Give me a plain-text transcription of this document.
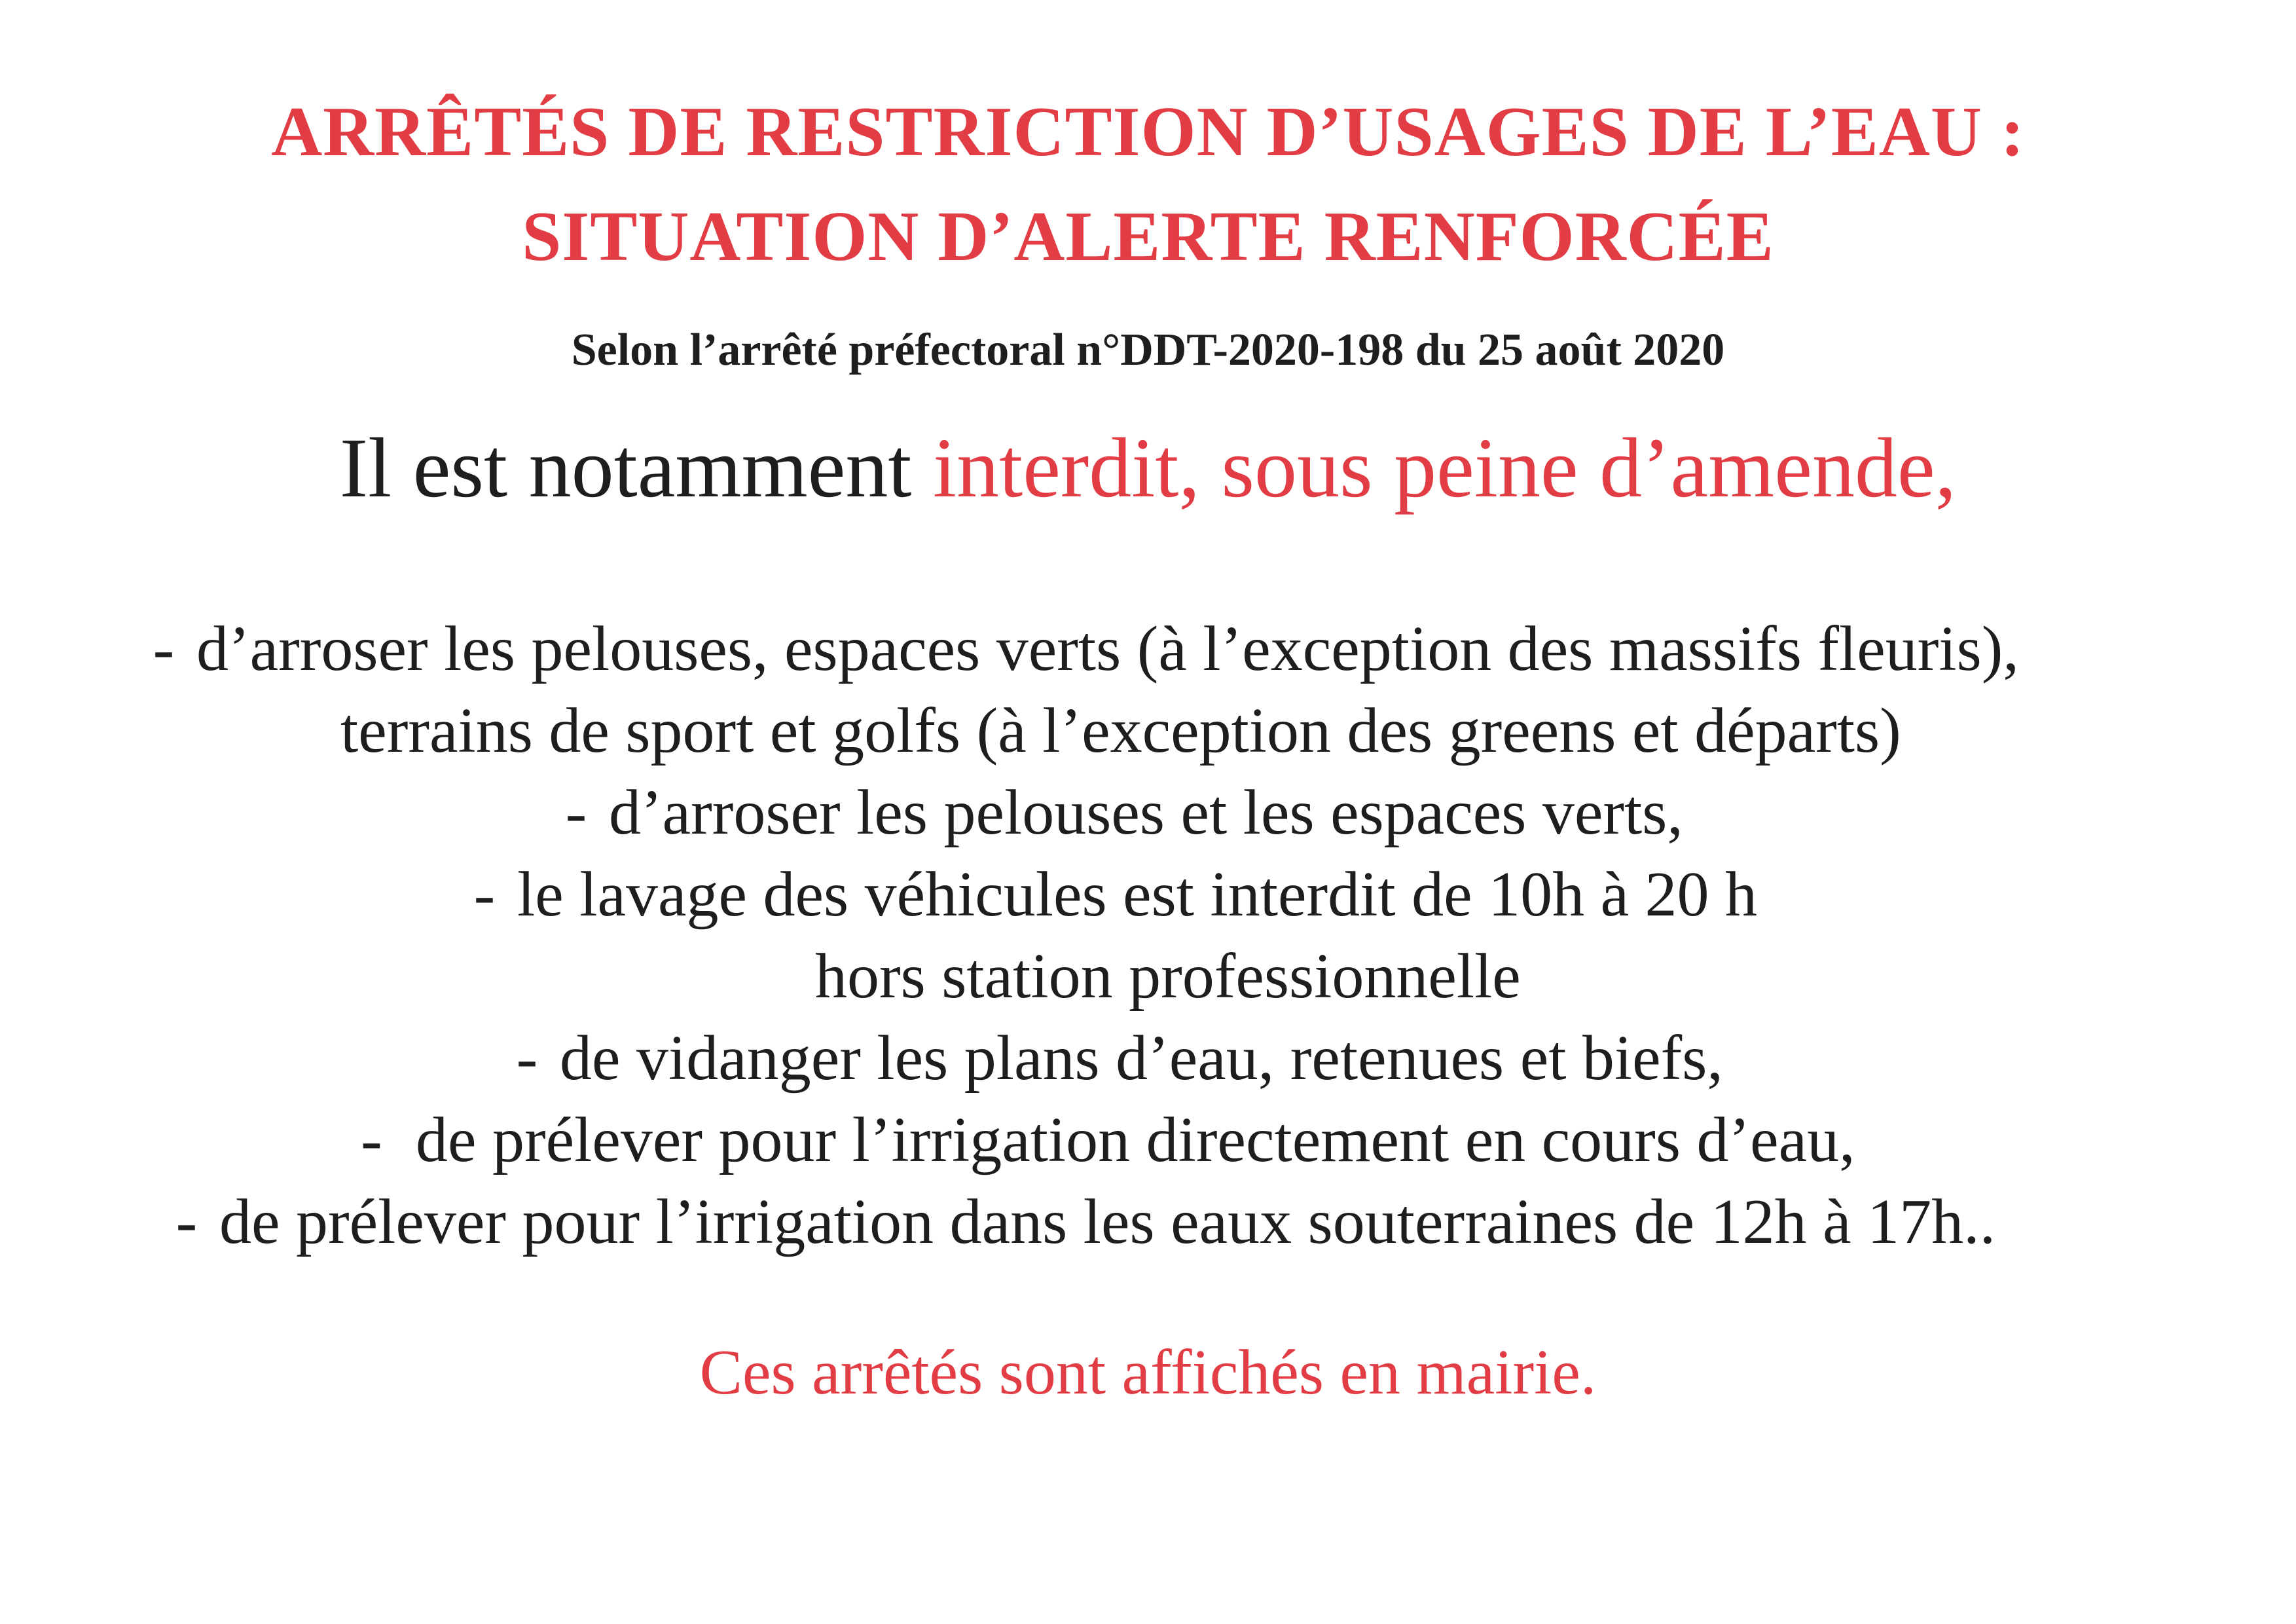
ARRÊTÉS DE RESTRICTION D’USAGES DE L’EAU :
SITUATION D’ALERTE RENFORCÉE
Selon l’arrêté préfectoral n°DDT-2020-198 du 25 août 2020
Il est notamment interdit, sous peine d’amende,
- d’arroser les pelouses, espaces verts (à l’exception des massifs fleuris),
terrains de sport et golfs (à l’exception des greens et départs)
- d’arroser les pelouses et les espaces verts,
- le lavage des véhicules est interdit de 10h à 20 h
hors station professionnelle
- de vidanger les plans d’eau, retenues et biefs,
- de prélever pour l’irrigation directement en cours d’eau,
- de prélever pour l’irrigation dans les eaux souterraines de 12h à 17h..
Ces arrêtés sont affichés en mairie.
